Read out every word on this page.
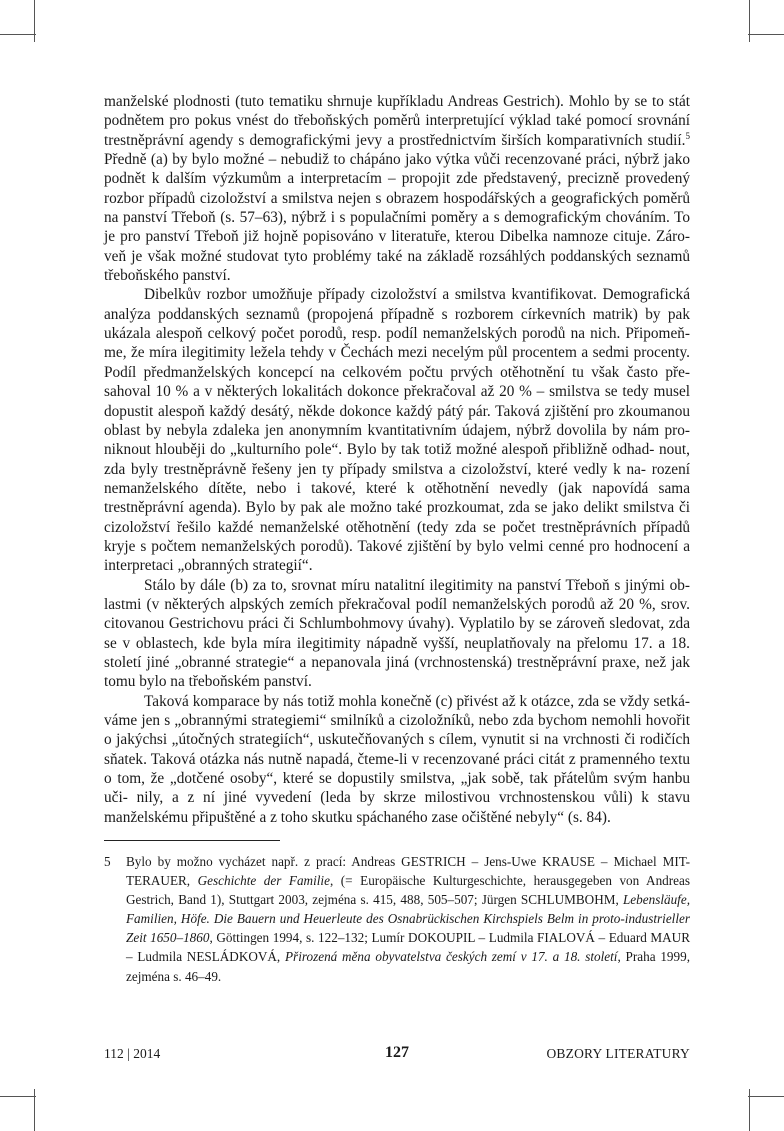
manželské plodnosti (tuto tematiku shrnuje kupříkladu Andreas Gestrich). Mohlo by se to stát podnětem pro pokus vnést do třeboňských poměrů interpretující výklad také pomocí srovnání trestněprávní agendy s demografickými jevy a prostřednictvím širších komparativních studií.$^5$ Předně (a) by bylo možné – nebudiž to chápáno jako výtka vůči recenzované práci, nýbrž jako podnět k dalším výzkumům a interpretacím – propojit zde představený, precizně provedený rozbor případů cizoložství a smilstva nejen s obrazem hospodářských a geografických poměrů na panství Třeboň (s. 57–63), nýbrž i s populačními poměry a s demografickým chováním. To je pro panství Třeboň již hojně popisováno v literatuře, kterou Dibelka namnoze cituje. Záro- veň je však možné studovat tyto problémy také na základě rozsáhlých poddanských seznamů třeboňského panství.

Dibelkův rozbor umožňuje případy cizoložství a smilstva kvantifikovat. Demografická analýza poddanských seznamů (propojená případně s rozborem církevních matrik) by pak ukázala alespoň celkový počet porodů, resp. podíl nemanželských porodů na nich. Připomeň- me, že míra ilegitimity ležela tehdy v Čechách mezi necelým půl procentem a sedmi procenty. Podíl předmanželských koncepcí na celkovém počtu prvých otěhotnění tu však často pře- sahoval 10 % a v některých lokalitách dokonce překračoval až 20 % – smilstva se tedy musel dopustit alespoň každý desátý, někde dokonce každý pátý pár. Taková zjištění pro zkoumanou oblast by nebyla zdaleka jen anonymním kvantitativním údajem, nýbrž dovolila by nám pro- niknout hlouběji do „kulturního pole“. Bylo by tak totiž možné alespoň přibližně odhad- nout, zda byly trestněprávně řešeny jen ty případy smilstva a cizoložství, které vedly k na- rození nemanželského dítěte, nebo i takové, které k otěhotnění nevedly (jak napovídá sama trestněprávní agenda). Bylo by pak ale možno také prozkoumat, zda se jako delikt smilstva či cizoložství řešilo každé nemanželské otěhotnění (tedy zda se počet trestněprávních případů kryje s počtem nemanželských porodů). Takové zjištění by bylo velmi cenné pro hodnocení a interpretaci „obranných strategií“.

Stálo by dále (b) za to, srovnat míru natalitní ilegitimity na panství Třeboň s jinými ob- lastmi (v některých alpských zemích překračoval podíl nemanželských porodů až 20 %, srov. citovanou Gestrichovu práci či Schlumbohmovy úvahy). Vyplatilo by se zároveň sledovat, zda se v oblastech, kde byla míra ilegitimity nápadně vyšší, neuplatňovaly na přelomu 17. a 18. století jiné „obranné strategie“ a nepanovala jiná (vrchnostenská) trestněprávní praxe, než jak tomu bylo na třeboňském panství.

Taková komparace by nás totiž mohla konečně (c) přivést až k otázce, zda se vždy setká- váme jen s „obrannými strategiemi“ smilníků a cizoložníků, nebo zda bychom nemohli hovořit o jakýchsi „útočných strategiích“, uskutečňovaných s cílem, vynutit si na vrchnosti či rodičích sňatek. Taková otázka nás nutně napadá, čteme-li v recenzované práci citát z pramenného textu o tom, že „dotčené osoby“, které se dopustily smilstva, „jak sobě, tak přátelům svým hanbu uči- nily, a z ní jiné vyvedení (leda by skrze milostivou vrchnostenskou vůli) k stavu manželskému připuštěné a z toho skutku spáchaného zase očištěné nebyly“ (s. 84).

5	Bylo by možno vycházet např. z prací: Andreas GESTRICH – Jens-Uwe KRAUSE – Michael MIT-TERAUER, Geschichte der Familie, (= Europäische Kulturgeschichte, herausgegeben von Andreas Gestrich, Band 1), Stuttgart 2003, zejména s. 415, 488, 505–507; Jürgen SCHLUMBOHM, Lebensläufe, Familien, Höfe. Die Bauern und Heuerleute des Osnabrückischen Kirchspiels Belm in proto-industrieller Zeit 1650–1860, Göttingen 1994, s. 122–132; Lumír DOKOUPIL – Ludmila FIALOVÁ – Eduard MAUR – Ludmila NESLÁDKOVÁ, Přirozená měna obyvatelstva českých zemí v 17. a 18. století, Praha 1999, zejména s. 46–49.
112 | 2014	127	OBZORY LITERATURY
